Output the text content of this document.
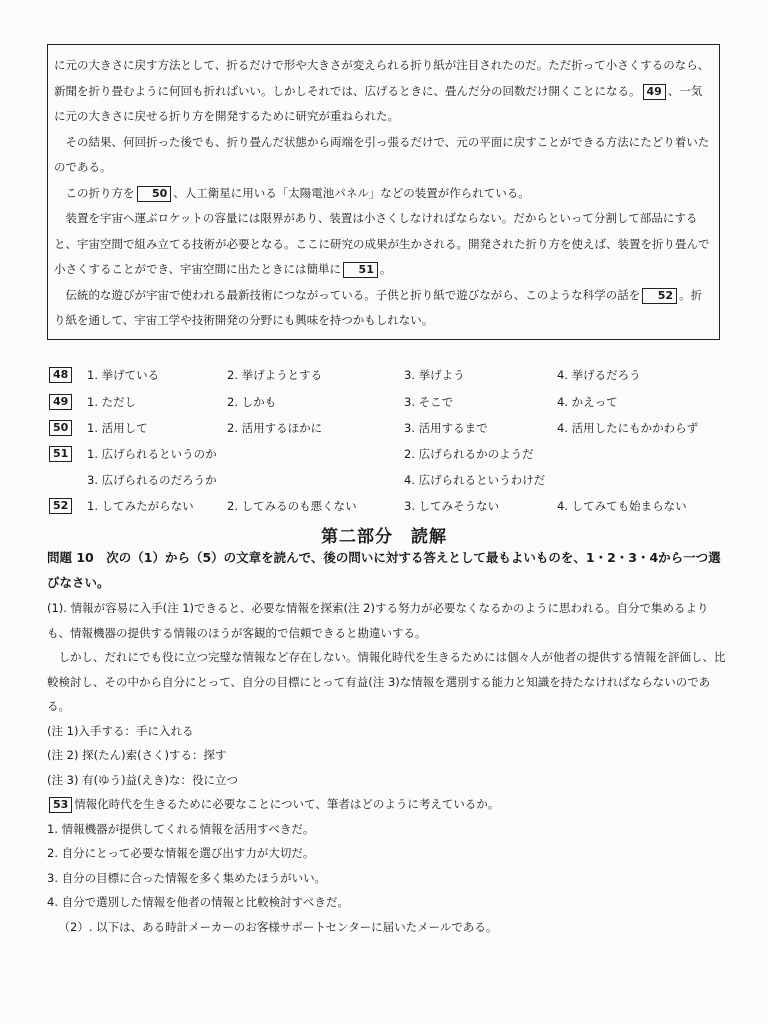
に元の大きさに戻す方法として、折るだけで形や大きさが変えられる折り紙が注目されたのだ。ただ折って小さくするのなら、新聞を折り畳むように何回も折ればいい。しかしそれでは、広げるときに、畳んだ分の回数だけ開くことになる。 49 、一気に元の大きさに戻せる折り方を開発するために研究が重ねられた。

その結果、何回折った後でも、折り畳んだ状態から両端を引っ張るだけで、元の平面に戻すことができる方法にたどり着いたのである。

この折り方を 50 、人工衛星に用いる「太陽電池パネル」などの装置が作られている。

装置を宇宙へ運ぶロケットの容量には限界があり、装置は小さくしなければならない。だからといって分割して部品にすると、宇宙空間で組み立てる技術が必要となる。ここに研究の成果が生かされる。開発された折り方を使えば、装置を折り畳んで小さくすることができ、宇宙空間に出たときには簡単に 51 。

伝統的な遊びが宇宙で使われる最新技術につながっている。子供と折り紙で遊びながら、このような科学の話を 52 。折り紙を通して、宇宙工学や技術開発の分野にも興味を持つかもしれない。

48	1. 挙げている	2. 挙げようとする	3. 挙げよう	4. 挙げるだろう
49	1. ただし	2. しかも	3. そこで	4. かえって
50	1. 活用して	2. 活用するほかに	3. 活用するまで	4. 活用したにもかかわらず
51	1. 広げられるというのか	2. 広げられるかのようだ
3. 広げられるのだろうか	4. 広げられるというわけだ
52	1. してみたがらない	2. してみるのも悪くない	3. してみそうない	4. してみても始まらない
第二部分　読解

問題 10　次の（1）から（5）の文章を読んで、後の問いに対する答えとして最もよいものを、1・2・3・4から一つ選びなさい。

(1). 情報が容易に入手(注 1)できると、必要な情報を探索(注 2)する努力が必要なくなるかのように思われる。自分で集めるよりも、情報機器の提供する情報のほうが客観的で信頼できると勘違いする。

しかし、だれにでも役に立つ完璧な情報など存在しない。情報化時代を生きるためには個々人が他者の提供する情報を評価し、比較検討し、その中から自分にとって、自分の目標にとって有益(注 3)な情報を選別する能力と知識を持たなければならないのである。

(注 1)入手する：手に入れる

(注 2) 探(たん)索(さく)する：探す

(注 3) 有(ゆう)益(えき)な：役に立つ

53 情報化時代を生きるために必要なことについて、筆者はどのように考えているか。

1. 情報機器が提供してくれる情報を活用すべきだ。

2. 自分にとって必要な情報を選び出す力が大切だ。

3. 自分の目標に合った情報を多く集めたほうがいい。

4. 自分で選別した情報を他者の情報と比較検討すべきだ。

（2）. 以下は、ある時計メーカーのお客様サポートセンターに届いたメールである。
